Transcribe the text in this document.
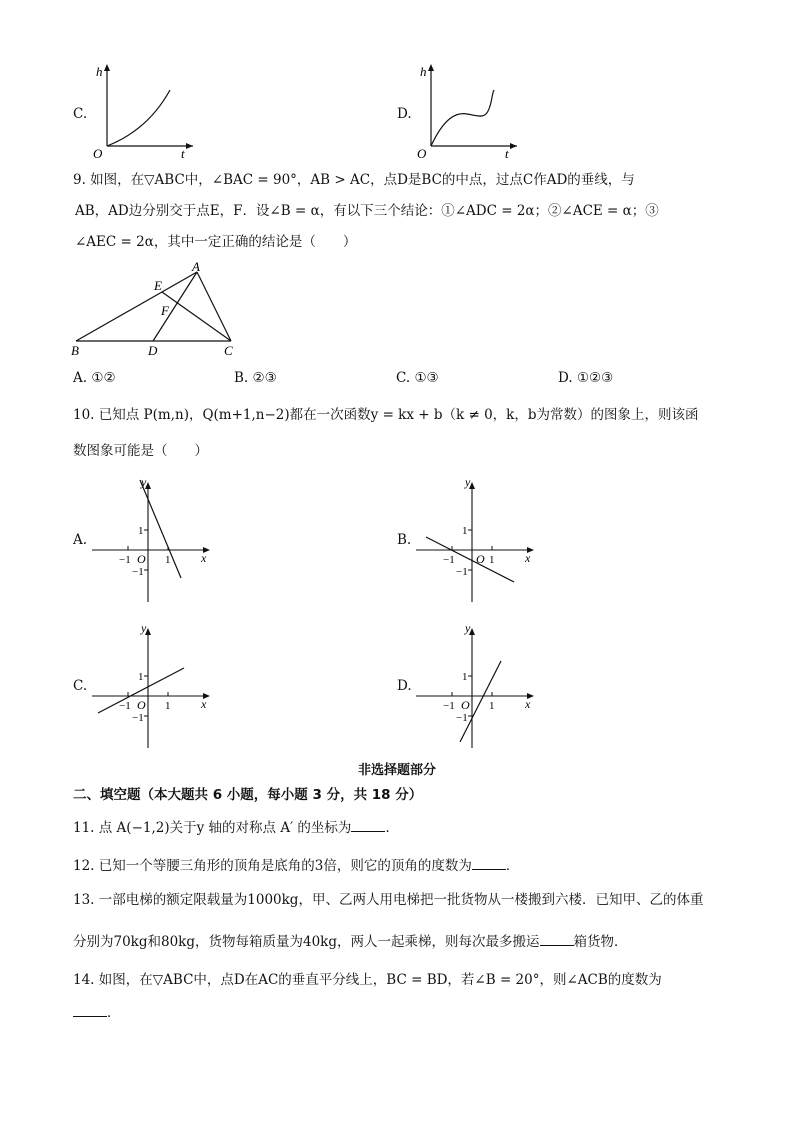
C.
h
t
O
D.
h
t
O
9. 如图，在▽ABC中，∠BAC = 90°，AB > AC，点D是BC的中点，过点C作AD的垂线，与
AB，AD边分别交于点E，F．设∠B = α，有以下三个结论：①∠ADC = 2α；②∠ACE = α；③
∠AEC = 2α，其中一定正确的结论是（　　）
A
E
F
B	D	C
A. ①②	B. ②③	C. ①③	D. ①②③
10. 已知点 P(m,n)，Q(m+1,n−2)都在一次函数y = kx + b（k ≠ 0，k，b为常数）的图象上，则该函
数图象可能是（　　）
A.
y
x
O
1
1
−1
−1
B.
y
x
O
1
1
−1
−1
C.
y
x
O
1
1
−1
−1
D.
y
x
O
1
1
−1
−1
非选择题部分
二、填空题（本大题共 6 小题，每小题 3 分，共 18 分）
11. 点 A(−1,2)关于y 轴的对称点 A′ 的坐标为	．
12. 已知一个等腰三角形的顶角是底角的3倍，则它的顶角的度数为	．
13. 一部电梯的额定限载量为1000kg，甲、乙两人用电梯把一批货物从一楼搬到六楼．已知甲、乙的体重
分别为70kg和80kg，货物每箱质量为40kg，两人一起乘梯，则每次最多搬运	箱货物．
14. 如图，在▽ABC中，点D在AC的垂直平分线上，BC = BD，若∠B = 20°，则∠ACB的度数为
．
